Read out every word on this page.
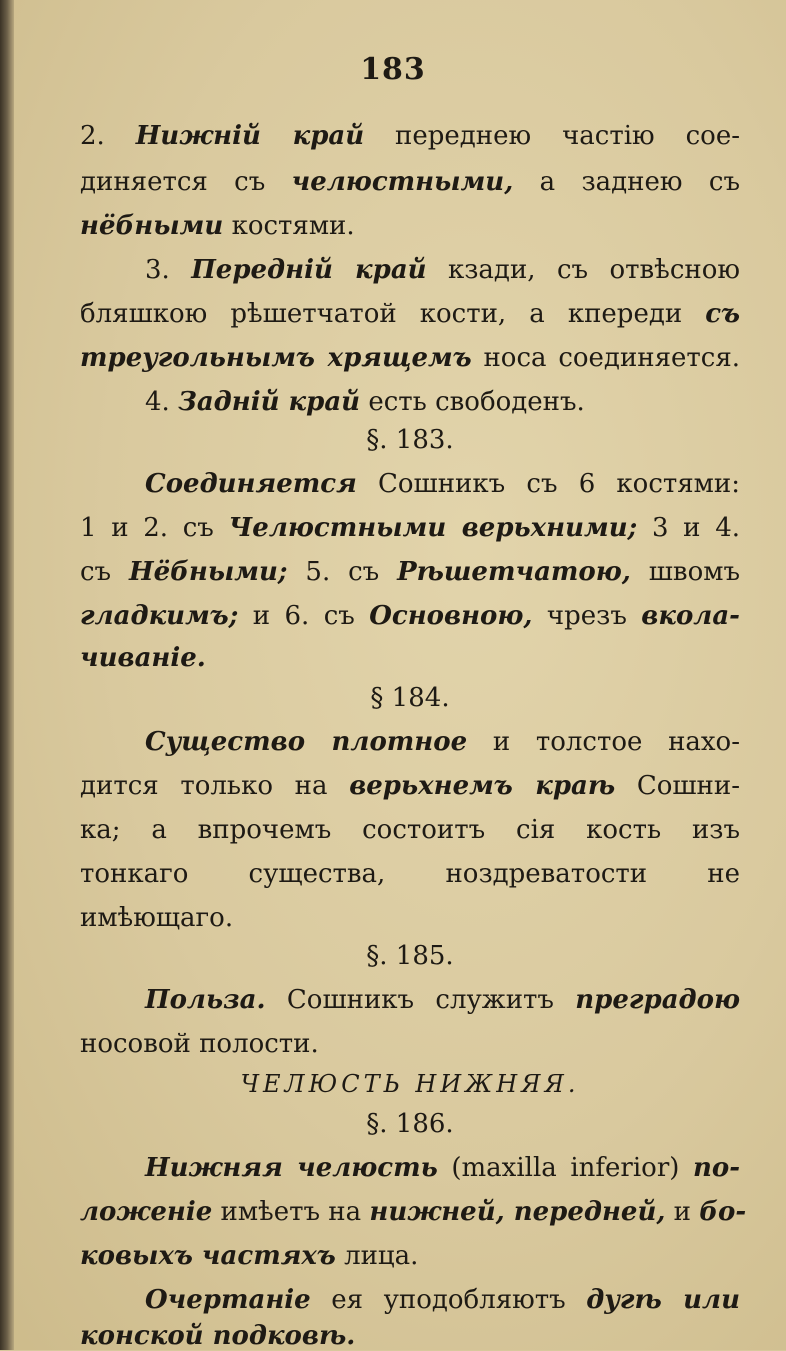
183
2. Нижній край переднею частію сое-
диняется съ челюстными, а заднею съ
нёбными костями.
3. Передній край кзади, съ отвѣсною
бляшкою рѣшетчатой кости, а кпереди съ
треугольнымъ хрящемъ носа соединяется.
4. Задній край есть свободенъ.
§. 183.
Соединяется Сошникъ съ 6 костями:
1 и 2. съ Челюстными верьхними; 3 и 4.
съ Нёбными; 5. съ Рѣшетчатою, швомъ
гладкимъ; и 6. съ Основною, чрезъ вкола-
чиваніе.
§ 184.
Существо плотное и толстое нахо-
дится только на верьхнемъ краѣ Сошни-
ка; а впрочемъ состоитъ сія кость изъ
тонкаго существа, ноздреватости не
имѣющаго.
§. 185.
Польза. Сошникъ служитъ преградою
носовой полости.
ЧЕЛЮСТЬ НИЖНЯЯ.
§. 186.
Нижняя челюсть (maxilla inferior) по-
ложеніе имѣетъ на нижней, передней, и бо-
ковыхъ частяхъ лица.
Очертаніе ея уподобляютъ дугѣ или
конской подковѣ.
